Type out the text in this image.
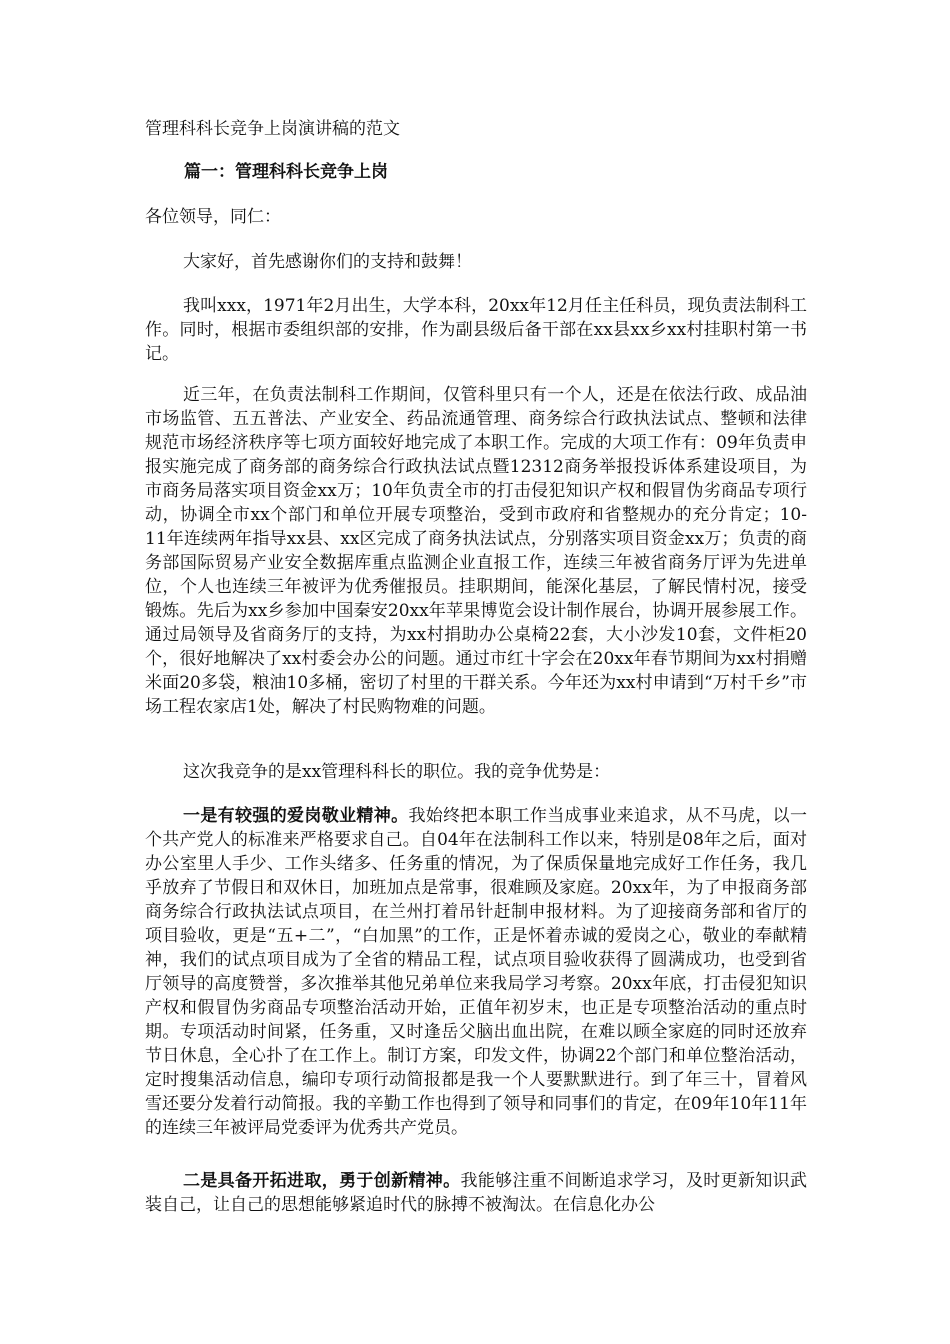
管理科科长竞争上岗演讲稿的范文
篇一：管理科科长竞争上岗
各位领导，同仁：
大家好，首先感谢你们的支持和鼓舞！
我叫xxx，1971年2月出生，大学本科，20xx年12月任主任科员，现负责法制科工作。同时，根据市委组织部的安排，作为副县级后备干部在xx县xx乡xx村挂职村第一书记。
近三年，在负责法制科工作期间，仅管科里只有一个人，还是在依法行政、成品油市场监管、五五普法、产业安全、药品流通管理、商务综合行政执法试点、整顿和法律规范市场经济秩序等七项方面较好地完成了本职工作。完成的大项工作有：09年负责申报实施完成了商务部的商务综合行政执法试点暨12312商务举报投诉体系建设项目，为市商务局落实项目资金xx万；10年负责全市的打击侵犯知识产权和假冒伪劣商品专项行动，协调全市xx个部门和单位开展专项整治，受到市政府和省整规办的充分肯定；10-11年连续两年指导xx县、xx区完成了商务执法试点，分别落实项目资金xx万；负责的商务部国际贸易产业安全数据库重点监测企业直报工作，连续三年被省商务厅评为先进单位，个人也连续三年被评为优秀催报员。挂职期间，能深化基层，了解民情村况，接受锻炼。先后为xx乡参加中国秦安20xx年苹果博览会设计制作展台，协调开展参展工作。通过局领导及省商务厅的支持，为xx村捐助办公桌椅22套，大小沙发10套，文件柜20个，很好地解决了xx村委会办公的问题。通过市红十字会在20xx年春节期间为xx村捐赠米面20多袋，粮油10多桶，密切了村里的干群关系。今年还为xx村申请到“万村千乡”市场工程农家店1处，解决了村民购物难的问题。
这次我竞争的是xx管理科科长的职位。我的竞争优势是：
一是有较强的爱岗敬业精神。我始终把本职工作当成事业来追求，从不马虎，以一个共产党人的标准来严格要求自己。自04年在法制科工作以来，特别是08年之后，面对办公室里人手少、工作头绪多、任务重的情况，为了保质保量地完成好工作任务，我几乎放弃了节假日和双休日，加班加点是常事，很难顾及家庭。20xx年，为了申报商务部商务综合行政执法试点项目，在兰州打着吊针赶制申报材料。为了迎接商务部和省厅的项目验收，更是“五+二”，“白加黑”的工作，正是怀着赤诚的爱岗之心，敬业的奉献精神，我们的试点项目成为了全省的精品工程，试点项目验收获得了圆满成功，也受到省厅领导的高度赞誉，多次推举其他兄弟单位来我局学习考察。20xx年底，打击侵犯知识产权和假冒伪劣商品专项整治活动开始，正值年初岁末，也正是专项整治活动的重点时期。专项活动时间紧，任务重，又时逢岳父脑出血出院，在难以顾全家庭的同时还放弃节日休息，全心扑了在工作上。制订方案，印发文件，协调22个部门和单位整治活动，定时搜集活动信息，编印专项行动简报都是我一个人要默默进行。到了年三十，冒着风雪还要分发着行动简报。我的辛勤工作也得到了领导和同事们的肯定，在09年10年11年的连续三年被评局党委评为优秀共产党员。
二是具备开拓进取，勇于创新精神。我能够注重不间断追求学习，及时更新知识武装自己，让自己的思想能够紧追时代的脉搏不被淘汰。在信息化办公
